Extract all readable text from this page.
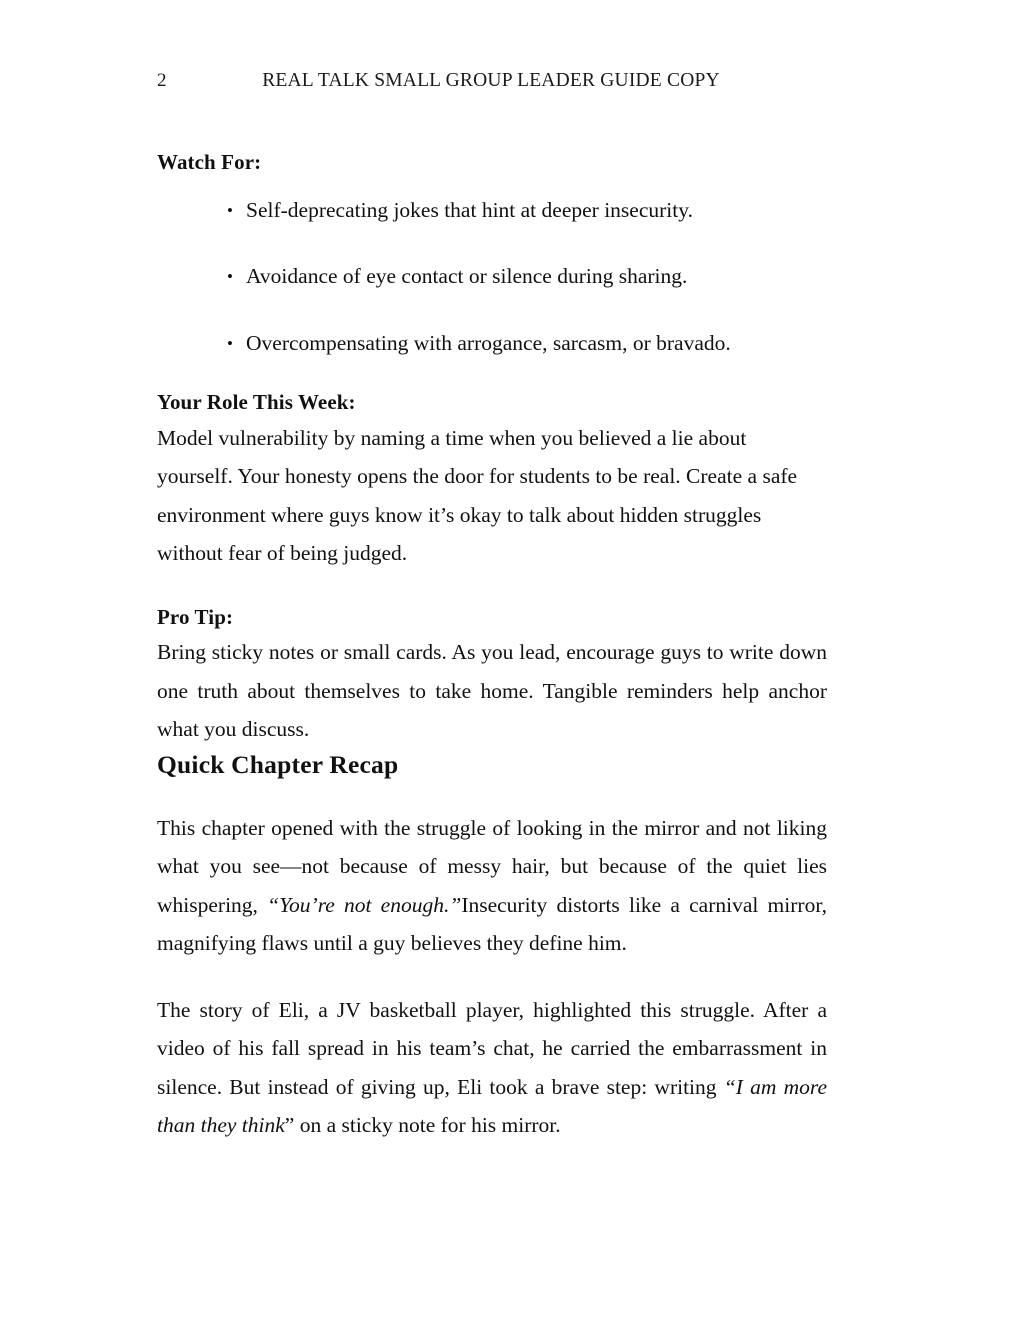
2	REAL TALK SMALL GROUP LEADER GUIDE COPY

Watch For:

• Self-deprecating jokes that hint at deeper insecurity.
• Avoidance of eye contact or silence during sharing.
• Overcompensating with arrogance, sarcasm, or bravado.

Your Role This Week:

Model vulnerability by naming a time when you believed a lie about yourself. Your honesty opens the door for students to be real. Create a safe environment where guys know it’s okay to talk about hidden struggles without fear of being judged.

Pro Tip:

Bring sticky notes or small cards. As you lead, encourage guys to write down one truth about themselves to take home. Tangible reminders help anchor what you discuss.

Quick Chapter Recap

This chapter opened with the struggle of looking in the mirror and not liking what you see—not because of messy hair, but because of the quiet lies whispering, “You’re not enough.”Insecurity distorts like a carnival mirror, magnifying flaws until a guy believes they define him.

The story of Eli, a JV basketball player, highlighted this struggle. After a video of his fall spread in his team’s chat, he carried the embarrassment in silence. But instead of giving up, Eli took a brave step: writing “I am more than they think” on a sticky note for his mirror.
